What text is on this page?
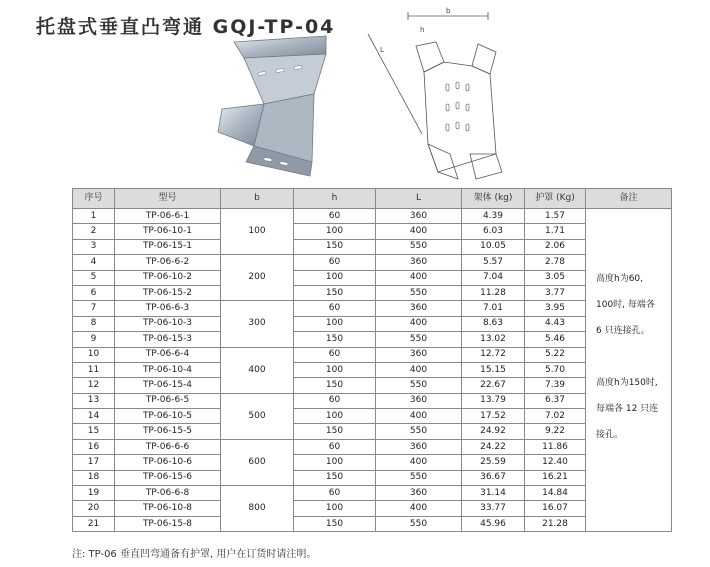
托盘式垂直凸弯通 GQJ-TP-04
b
L
h
序号	型号	b	h	L	架体 (kg)	护罩 (Kg)	备注
1	TP-06-6-1	100	60	360	4.39	1.57	高度h为60, 100时, 每端各 6 只连接孔。
高度h为150时, 每端各 12 只连接孔。

2	TP-06-10-1		100	400	6.03	1.71	
3	TP-06-15-1		150	550	10.05	2.06	
4	TP-06-6-2	200	60	360	5.57	2.78	
5	TP-06-10-2		100	400	7.04	3.05	
6	TP-06-15-2		150	550	11.28	3.77	
7	TP-06-6-3	300	60	360	7.01	3.95	
8	TP-06-10-3		100	400	8.63	4.43	
9	TP-06-15-3		150	550	13.02	5.46	
10	TP-06-6-4	400	60	360	12.72	5.22	
11	TP-06-10-4		100	400	15.15	5.70	
12	TP-06-15-4		150	550	22.67	7.39	
13	TP-06-6-5	500	60	360	13.79	6.37	
14	TP-06-10-5		100	400	17.52	7.02	
15	TP-06-15-5		150	550	24.92	9.22	
16	TP-06-6-6	600	60	360	24.22	11.86	
17	TP-06-10-6		100	400	25.59	12.40	
18	TP-06-15-6		150	550	36.67	16.21	
19	TP-06-6-8	800	60	360	31.14	14.84	
20	TP-06-10-8		100	400	33.77	16.07	
21	TP-06-15-8		150	550	45.96	21.28	
注: TP-06 垂直凹弯通备有护罩, 用户在订货时请注明。
